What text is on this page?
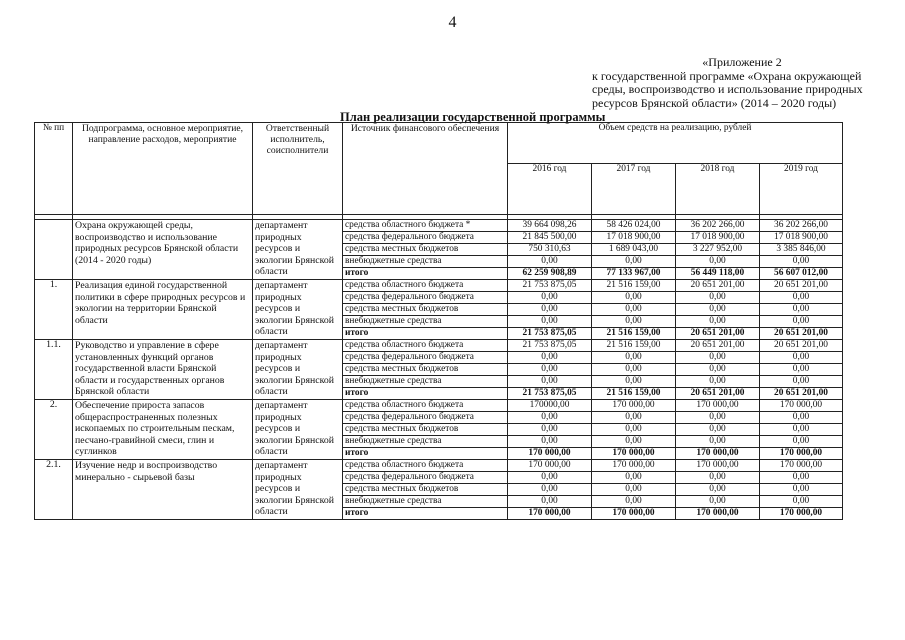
4
«Приложение 2
к государственной программе «Охрана окружающей
среды, воспроизводство и использование природных
ресурсов Брянской области» (2014 – 2020 годы)
План реализации государственной программы
№ пп	Подпрограмма, основное мероприятие, направление расходов, мероприятие	Ответственный исполнитель, соисполнители	Источник финансового обеспечения	Объем средств на реализацию, рублей	
				2016 год	2017 год	2018 год	2019 год	

	Охрана окружающей среды, воспроизводство и использование природных ресурсов Брянской области (2014 - 2020 годы)	департамент природных ресурсов и экологии Брянской области	средства областного бюджета *	39 664 098,26	58 426 024,00	36 202 266,00	36 202 266,00	
			средства федерального бюджета	21 845 500,00	17 018 900,00	17 018 900,00	17 018 900,00	
			средства местных бюджетов	750 310,63	1 689 043,00	3 227 952,00	3 385 846,00	
			внебюджетные средства	0,00	0,00	0,00	0,00	
			итого	62 259 908,89	77 133 967,00	56 449 118,00	56 607 012,00	
1.	Реализация единой государственной политики в сфере природных ресурсов и экологии на территории Брянской области	департамент природных ресурсов и экологии Брянской области	средства областного бюджета	21 753 875,05	21 516 159,00	20 651 201,00	20 651 201,00	
			средства федерального бюджета	0,00	0,00	0,00	0,00	
			средства местных бюджетов	0,00	0,00	0,00	0,00	
			внебюджетные средства	0,00	0,00	0,00	0,00	
			итого	21 753 875,05	21 516 159,00	20 651 201,00	20 651 201,00	
1.1.	Руководство и управление в сфере установленных функций органов государственной власти Брянской области и государственных органов Брянской области	департамент природных ресурсов и экологии Брянской области	средства областного бюджета	21 753 875,05	21 516 159,00	20 651 201,00	20 651 201,00	
			средства федерального бюджета	0,00	0,00	0,00	0,00	
			средства местных бюджетов	0,00	0,00	0,00	0,00	
			внебюджетные средства	0,00	0,00	0,00	0,00	
			итого	21 753 875,05	21 516 159,00	20 651 201,00	20 651 201,00	
2.	Обеспечение прироста запасов общераспространенных полезных ископаемых по строительным пескам, песчано-гравийной смеси, глин и суглинков	департамент природных ресурсов и экологии Брянской области	средства областного бюджета	170000,00	170 000,00	170 000,00	170 000,00	
			средства федерального бюджета	0,00	0,00	0,00	0,00	
			средства местных бюджетов	0,00	0,00	0,00	0,00	
			внебюджетные средства	0,00	0,00	0,00	0,00	
			итого	170 000,00	170 000,00	170 000,00	170 000,00	
2.1.	Изучение недр и воспроизводство минерально - сырьевой базы	департамент природных ресурсов и экологии Брянской области	средства областного бюджета	170 000,00	170 000,00	170 000,00	170 000,00	
			средства федерального бюджета	0,00	0,00	0,00	0,00	
			средства местных бюджетов	0,00	0,00	0,00	0,00	
			внебюджетные средства	0,00	0,00	0,00	0,00	
			итого	170 000,00	170 000,00	170 000,00	170 000,00	
